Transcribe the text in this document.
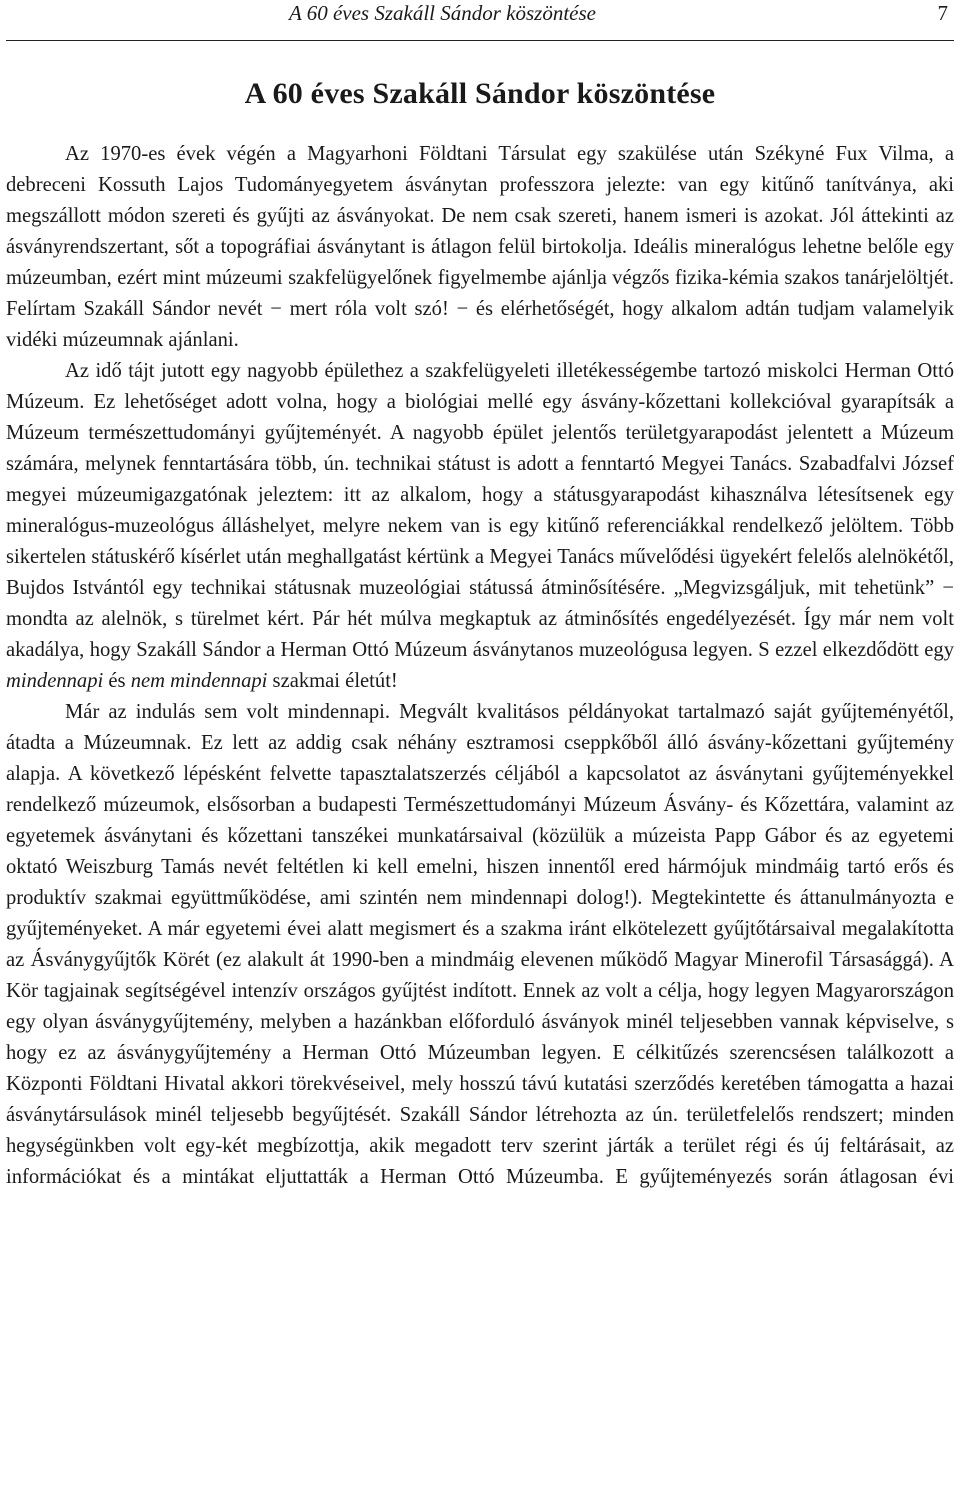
A 60 éves Szakáll Sándor köszöntése	7
A 60 éves Szakáll Sándor köszöntése

Az 1970-es évek végén a Magyarhoni Földtani Társulat egy szakülése után Székyné Fux Vilma, a debreceni Kossuth Lajos Tudományegyetem ásványtan professzora jelezte: van egy kitűnő tanítványa, aki megszállott módon szereti és gyűjti az ásványokat. De nem csak szereti, hanem ismeri is azokat. Jól áttekinti az ásványrendszertant, sőt a topográfiai ásványtant is átlagon felül birtokolja. Ideális mineralógus lehetne belőle egy múzeumban, ezért mint múzeumi szakfelügyelőnek figyelmembe ajánlja végzős fizika-kémia szakos tanárjelöltjét. Felírtam Szakáll Sándor nevét − mert róla volt szó! − és elérhetőségét, hogy alkalom adtán tudjam valamelyik vidéki múzeumnak ajánlani.

Az idő tájt jutott egy nagyobb épülethez a szakfelügyeleti illetékességembe tartozó miskolci Herman Ottó Múzeum. Ez lehetőséget adott volna, hogy a biológiai mellé egy ásvány-kőzettani kollekcióval gyarapítsák a Múzeum természettudományi gyűjteményét. A nagyobb épület jelentős területgyarapodást jelentett a Múzeum számára, melynek fenntartására több, ún. technikai státust is adott a fenntartó Megyei Tanács. Szabadfalvi József megyei múzeumigazgatónak jeleztem: itt az alkalom, hogy a státusgyarapodást kihasználva létesítsenek egy mineralógus-muzeológus álláshelyet, melyre nekem van is egy kitűnő referenciákkal rendelkező jelöltem. Több sikertelen státuskérő kísérlet után meghallgatást kértünk a Megyei Tanács művelődési ügyekért felelős alelnökétől, Bujdos Istvántól egy technikai státusnak muzeológiai státussá átminősítésére. „Megvizsgáljuk, mit tehetünk” − mondta az alelnök, s türelmet kért. Pár hét múlva megkaptuk az átminősítés engedélyezését. Így már nem volt akadálya, hogy Szakáll Sándor a Herman Ottó Múzeum ásványtanos muzeológusa legyen. S ezzel elkezdődött egy mindennapi és nem mindennapi szakmai életút!

Már az indulás sem volt mindennapi. Megvált kvalitásos példányokat tartalmazó saját gyűjteményétől, átadta a Múzeumnak. Ez lett az addig csak néhány esztramosi cseppkőből álló ásvány-kőzettani gyűjtemény alapja. A következő lépésként felvette tapasztalatszerzés céljából a kapcsolatot az ásványtani gyűjteményekkel rendelkező múzeumok, elsősorban a budapesti Természettudományi Múzeum Ásvány- és Kőzettára, valamint az egyetemek ásványtani és kőzettani tanszékei munkatársaival (közülük a múzeista Papp Gábor és az egyetemi oktató Weiszburg Tamás nevét feltétlen ki kell emelni, hiszen innentől ered hármójuk mindmáig tartó erős és produktív szakmai együttműködése, ami szintén nem mindennapi dolog!). Megtekintette és áttanulmányozta e gyűjteményeket. A már egyetemi évei alatt megismert és a szakma iránt elkötelezett gyűjtőtársaival megalakította az Ásványgyűjtők Körét (ez alakult át 1990-ben a mindmáig elevenen működő Magyar Minerofil Társasággá). A Kör tagjainak segítségével intenzív országos gyűjtést indított. Ennek az volt a célja, hogy legyen Magyarországon egy olyan ásványgyűjtemény, melyben a hazánkban előforduló ásványok minél teljesebben vannak képviselve, s hogy ez az ásványgyűjtemény a Herman Ottó Múzeumban legyen. E célkitűzés szerencsésen találkozott a Központi Földtani Hivatal akkori törekvéseivel, mely hosszú távú kutatási szerződés keretében támogatta a hazai ásványtársulások minél teljesebb begyűjtését. Szakáll Sándor létrehozta az ún. területfelelős rendszert; minden hegységünkben volt egy-két megbízottja, akik megadott terv szerint járták a terület régi és új feltárásait, az információkat és a mintákat eljuttatták a Herman Ottó Múzeumba. E gyűjteményezés során átlagosan évi
